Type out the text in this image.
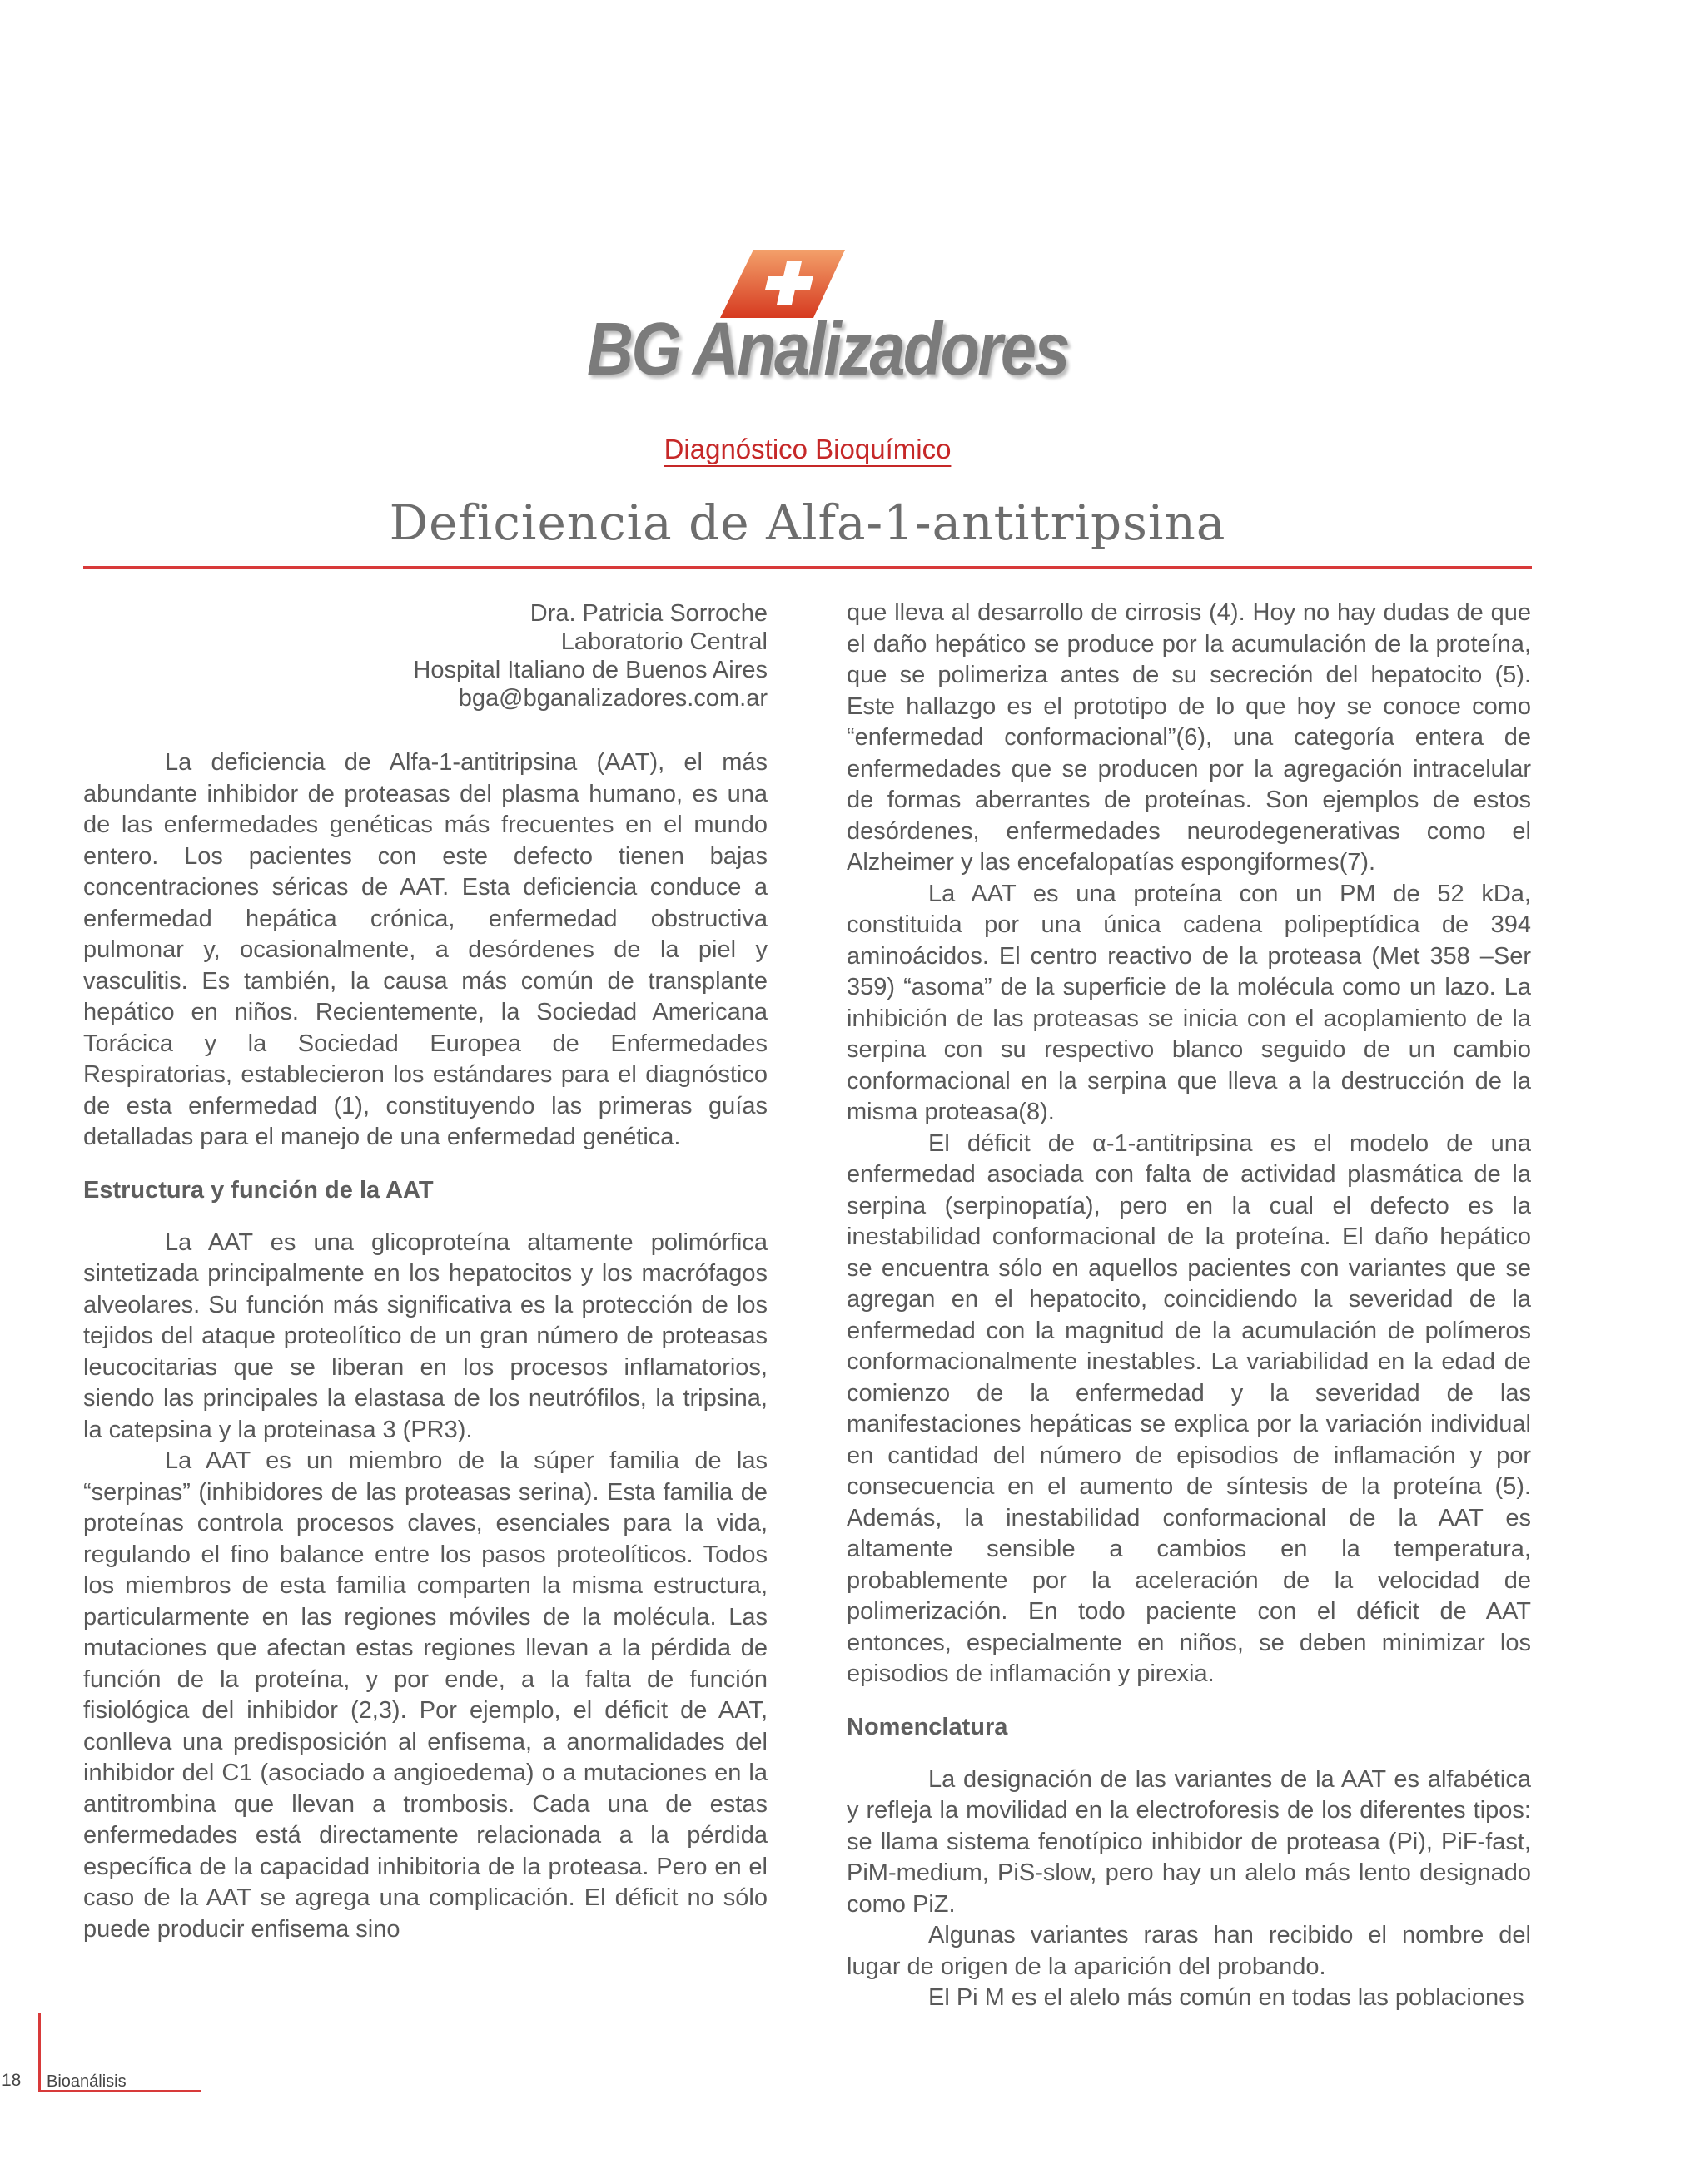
BG Analizadores
Diagnóstico Bioquímico
Deficiencia de Alfa-1-antitripsina
Dra. Patricia Sorroche
Laboratorio Central
Hospital Italiano de Buenos Aires
bga@bganalizadores.com.ar

La deficiencia de Alfa-1-antitripsina (AAT), el más abundante inhibidor de proteasas del plasma humano, es una de las enfermedades genéticas más frecuentes en el mundo entero. Los pacientes con este defecto tienen bajas concentraciones séricas de AAT. Esta deficiencia conduce a enfermedad hepática crónica, enfermedad obstructiva pulmonar y, ocasionalmente, a desórdenes de la piel y vasculitis. Es también, la causa más común de transplante hepático en niños. Recientemente, la Sociedad Americana Torácica y la Sociedad Europea de Enfermedades Respiratorias, establecieron los estándares para el diagnóstico de esta enfermedad (1), constituyendo las primeras guías detalladas para el manejo de una enfermedad genética.

Estructura y función de la AAT

La AAT es una glicoproteína altamente polimórfica sintetizada principalmente en los hepatocitos y los macrófagos alveolares. Su función más significativa es la protección de los tejidos del ataque proteolítico de un gran número de proteasas leucocitarias que se liberan en los procesos inflamatorios, siendo las principales la elastasa de los neutrófilos, la tripsina, la catepsina y la proteinasa 3 (PR3).

La AAT es un miembro de la súper familia de las “serpinas” (inhibidores de las proteasas serina). Esta familia de proteínas controla procesos claves, esenciales para la vida, regulando el fino balance entre los pasos proteolíticos. Todos los miembros de esta familia comparten la misma estructura, particularmente en las regiones móviles de la molécula. Las mutaciones que afectan estas regiones llevan a la pérdida de función de la proteína, y por ende, a la falta de función fisiológica del inhibidor (2,3). Por ejemplo, el déficit de AAT, conlleva una predisposición al enfisema, a anormalidades del inhibidor del C1 (asociado a angioedema) o a mutaciones en la antitrombina que llevan a trombosis. Cada una de estas enfermedades está directamente relacionada a la pérdida específica de la capacidad inhibitoria de la proteasa. Pero en el caso de la AAT se agrega una complicación. El déficit no sólo puede producir enfisema sino

que lleva al desarrollo de cirrosis (4). Hoy no hay dudas de que el daño hepático se produce por la acumulación de la proteína, que se polimeriza antes de su secreción del hepatocito (5). Este hallazgo es el prototipo de lo que hoy se conoce como “enfermedad conformacional”(6), una categoría entera de enfermedades que se producen por la agregación intracelular de formas aberrantes de proteínas. Son ejemplos de estos desórdenes, enfermedades neurodegenerativas como el Alzheimer y las encefalopatías espongiformes(7).

La AAT es una proteína con un PM de 52 kDa, constituida por una única cadena polipeptídica de 394 aminoácidos. El centro reactivo de la proteasa (Met 358 –Ser 359) “asoma” de la superficie de la molécula como un lazo. La inhibición de las proteasas se inicia con el acoplamiento de la serpina con su respectivo blanco seguido de un cambio conformacional en la serpina que lleva a la destrucción de la misma proteasa(8).

El déficit de α-1-antitripsina es el modelo de una enfermedad asociada con falta de actividad plasmática de la serpina (serpinopatía), pero en la cual el defecto es la inestabilidad conformacional de la proteína. El daño hepático se encuentra sólo en aquellos pacientes con variantes que se agregan en el hepatocito, coincidiendo la severidad de la enfermedad con la magnitud de la acumulación de polímeros conformacionalmente inestables. La variabilidad en la edad de comienzo de la enfermedad y la severidad de las manifestaciones hepáticas se explica por la variación individual en cantidad del número de episodios de inflamación y por consecuencia en el aumento de síntesis de la proteína (5). Además, la inestabilidad conformacional de la AAT es altamente sensible a cambios en la temperatura, probablemente por la aceleración de la velocidad de polimerización. En todo paciente con el déficit de AAT entonces, especialmente en niños, se deben minimizar los episodios de inflamación y pirexia.

Nomenclatura

La designación de las variantes de la AAT es alfabética y refleja la movilidad en la electroforesis de los diferentes tipos: se llama sistema fenotípico inhibidor de proteasa (Pi), PiF-fast, PiM-medium, PiS-slow, pero hay un alelo más lento designado como PiZ.

Algunas variantes raras han recibido el nombre del lugar de origen de la aparición del probando.

El Pi M es el alelo más común en todas las poblaciones

18 Bioanálisis
